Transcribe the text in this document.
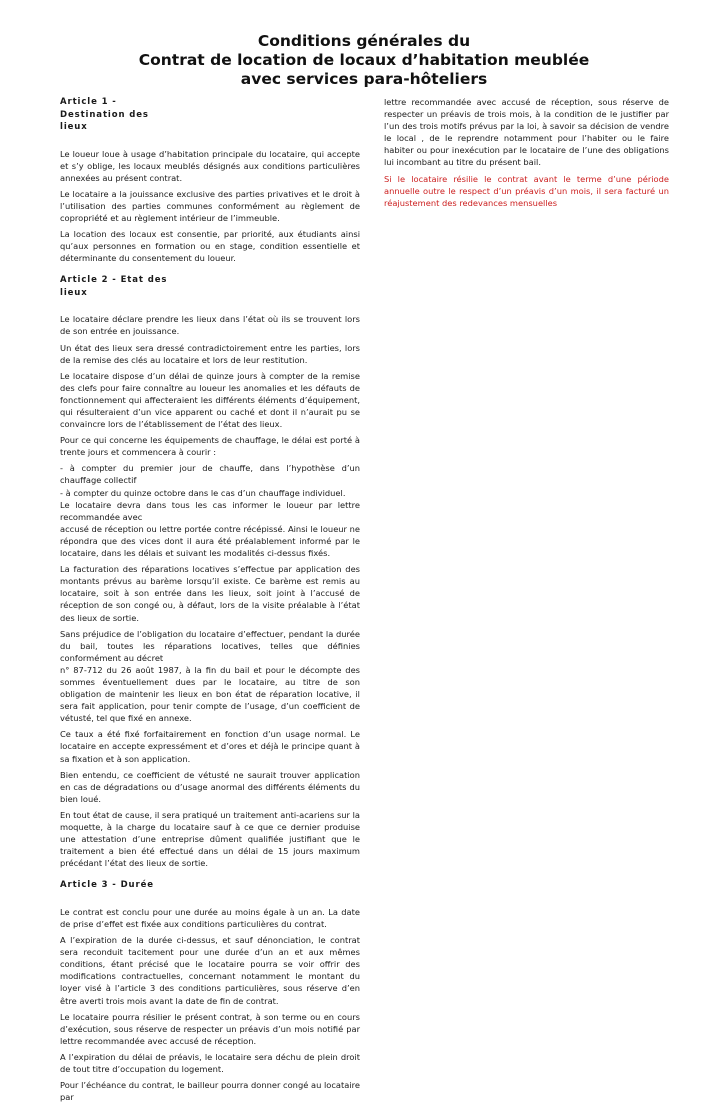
Conditions générales du
Contrat de location de locaux d’habitation meublée
avec services para-hôteliers
Article 1 - Destination des lieux

Le loueur loue à usage d’habitation principale du locataire, qui accepte et s’y oblige, les locaux meublés désignés aux conditions particulières annexées au présent contrat.

Le locataire a la jouissance exclusive des parties privatives et le droit à l’utilisation des parties communes conformément au règlement de copropriété et au règlement intérieur de l’immeuble.

La location des locaux est consentie, par priorité, aux étudiants ainsi qu’aux personnes en formation ou en stage, condition essentielle et déterminante du consentement du loueur.

Article 2 - Etat des lieux

Le locataire déclare prendre les lieux dans l’état où ils se trouvent lors de son entrée en jouissance.

Un état des lieux sera dressé contradictoirement entre les parties, lors de la remise des clés au locataire et lors de leur restitution.

Le locataire dispose d’un délai de quinze jours à compter de la remise des clefs pour faire connaître au loueur les anomalies et les défauts de fonctionnement qui affecteraient les différents éléments d’équipement, qui résulteraient d’un vice apparent ou caché et dont il n’aurait pu se convaincre lors de l’établissement de l’état des lieux.

Pour ce qui concerne les équipements de chauffage, le délai est porté à trente jours et commencera à courir :

- à compter du premier jour de chauffe, dans l’hypothèse d’un chauffage collectif
- à compter du quinze octobre dans le cas d’un chauffage individuel.
Le locataire devra dans tous les cas informer le loueur par lettre recommandée avec
accusé de réception ou lettre portée contre récépissé. Ainsi le loueur ne répondra que des vices dont il aura été préalablement informé par le locataire, dans les délais et suivant les modalités ci-dessus fixés.

La facturation des réparations locatives s’effectue par application des montants prévus au barème lorsqu’il existe. Ce barème est remis au locataire, soit à son entrée dans les lieux, soit joint à l’accusé de réception de son congé ou, à défaut, lors de la visite préalable à l’état des lieux de sortie.

Sans préjudice de l’obligation du locataire d’effectuer, pendant la durée du bail, toutes les réparations locatives, telles que définies conformément au décret
n° 87-712 du 26 août 1987, à la fin du bail et pour le décompte des sommes éventuellement dues par le locataire, au titre de son obligation de maintenir les lieux en bon état de réparation locative, il sera fait application, pour tenir compte de l’usage, d’un coefficient de vétusté, tel que fixé en annexe.

Ce taux a été fixé forfaitairement en fonction d’un usage normal. Le locataire en accepte expressément et d’ores et déjà le principe quant à sa fixation et à son application.

Bien entendu, ce coefficient de vétusté ne saurait trouver application en cas de dégradations ou d’usage anormal des différents éléments du bien loué.

En tout état de cause, il sera pratiqué un traitement anti-acariens sur la moquette, à la charge du locataire sauf à ce que ce dernier produise une attestation d’une entreprise dûment qualifiée justifiant que le traitement a bien été effectué dans un délai de 15 jours maximum précédant l’état des lieux de sortie.

Article 3 - Durée

Le contrat est conclu pour une durée au moins égale à un an. La date de prise d’effet est fixée aux conditions particulières du contrat.

A l’expiration de la durée ci-dessus, et sauf dénonciation, le contrat sera reconduit tacitement pour une durée d’un an et aux mêmes conditions, étant précisé que le locataire pourra se voir offrir des modifications contractuelles, concernant notamment le montant du loyer visé à l’article 3 des conditions particulières, sous réserve d’en être averti trois mois avant la date de fin de contrat.

Le locataire pourra résilier le présent contrat, à son terme ou en cours d’exécution, sous réserve de respecter un préavis d’un mois notifié par lettre recommandée avec accusé de réception.

A l’expiration du délai de préavis, le locataire sera déchu de plein droit de tout titre d’occupation du logement.

Pour l’échéance du contrat, le bailleur pourra donner congé au locataire par

lettre recommandée avec accusé de réception, sous réserve de respecter un préavis de trois mois, à la condition de le justifier par l’un des trois motifs prévus par la loi, à savoir sa décision de vendre le local , de le reprendre notamment pour l’habiter ou le faire habiter ou pour inexécution par le locataire de l’une des obligations lui incombant au titre du présent bail.

Si le locataire résilie le contrat avant le terme d’une période annuelle outre le respect d’un préavis d’un mois, il sera facturé un réajustement des redevances mensuelles
